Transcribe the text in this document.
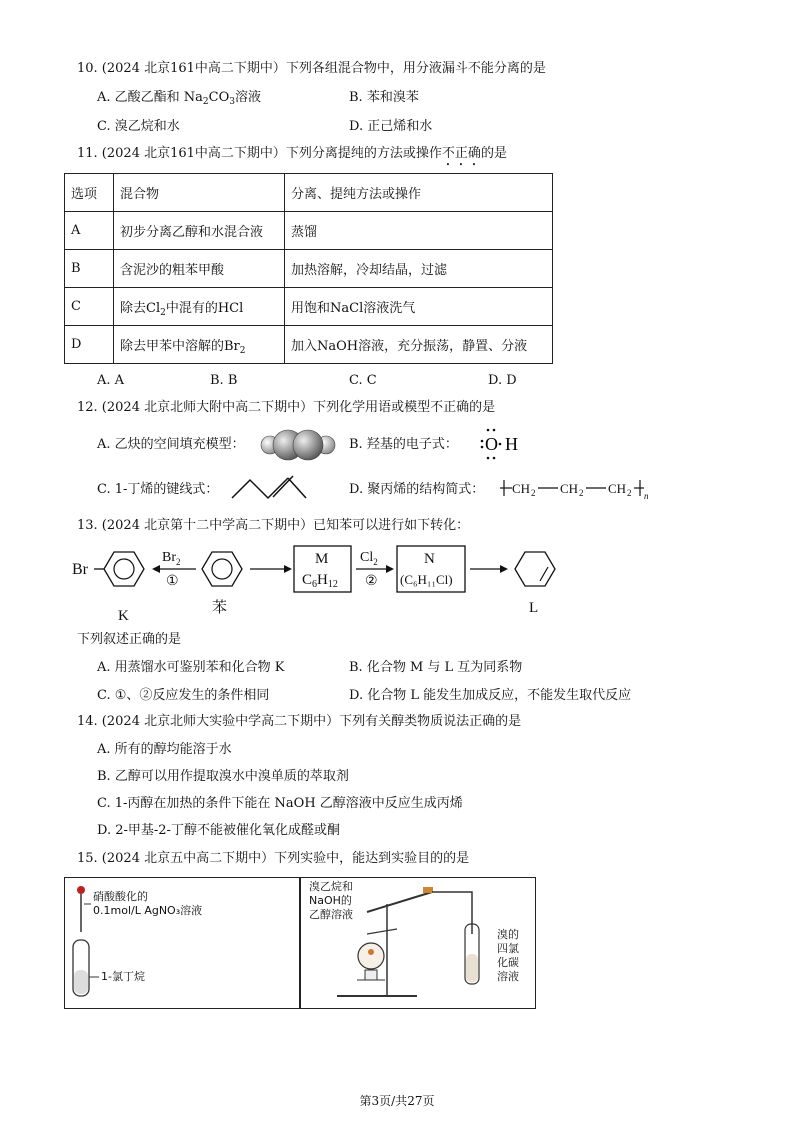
10. (2024 北京161中高二下期中）下列各组混合物中，用分液漏斗不能分离的是
A. 乙酸乙酯和 $Na_2CO_3$溶液	B. 苯和溴苯
C. 溴乙烷和水	D. 正己烯和水
11. (2024 北京161中高二下期中）下列分离提纯的方法或操作不正确的是
选项	混合物	分离、提纯方法或操作
A	初步分离乙醇和水混合液	蒸馏
B	含泥沙的粗苯甲酸	加热溶解，冷却结晶，过滤
C	除去$Cl_2$中混有的HCl	用饱和NaCl溶液洗气
D	除去甲苯中溶解的$Br_2$	加入NaOH溶液，充分振荡，静置、分液
A. A	B. B	C. C	D. D
12. (2024 北京北师大附中高二下期中）下列化学用语或模型不正确的是
A. 乙炔的空间填充模型：	B. 羟基的电子式： O H
C. 1-丁烯的键线式：	D. 聚丙烯的结构简式： CH 2 CH 2 CH 2 n
13. (2024 北京第十二中学高二下期中）已知苯可以进行如下转化：
Br
K
$Br_2$
①
苯
M
$C_6H_{12}$
$Cl_2$
②
N
(C₆H₁₁Cl)
L
下列叙述正确的是
A. 用蒸馏水可鉴别苯和化合物 K	B. 化合物 M 与 L 互为同系物
C. ①、②反应发生的条件相同	D. 化合物 L 能发生加成反应，不能发生取代反应
14. (2024 北京北师大实验中学高二下期中）下列有关醇类物质说法正确的是
A. 所有的醇均能溶于水
B. 乙醇可以用作提取溴水中溴单质的萃取剂
C. 1-丙醇在加热的条件下能在 NaOH 乙醇溶液中反应生成丙烯
D. 2-甲基-2-丁醇不能被催化氧化成醛或酮
15. (2024 北京五中高二下期中）下列实验中，能达到实验目的的是
硝酸酸化的
0.1mol/L AgNO₃溶液
1-氯丁烷
溴乙烷和
NaOH的
乙醇溶液
溴的
四氯
化碳
溶液
第3页/共27页
